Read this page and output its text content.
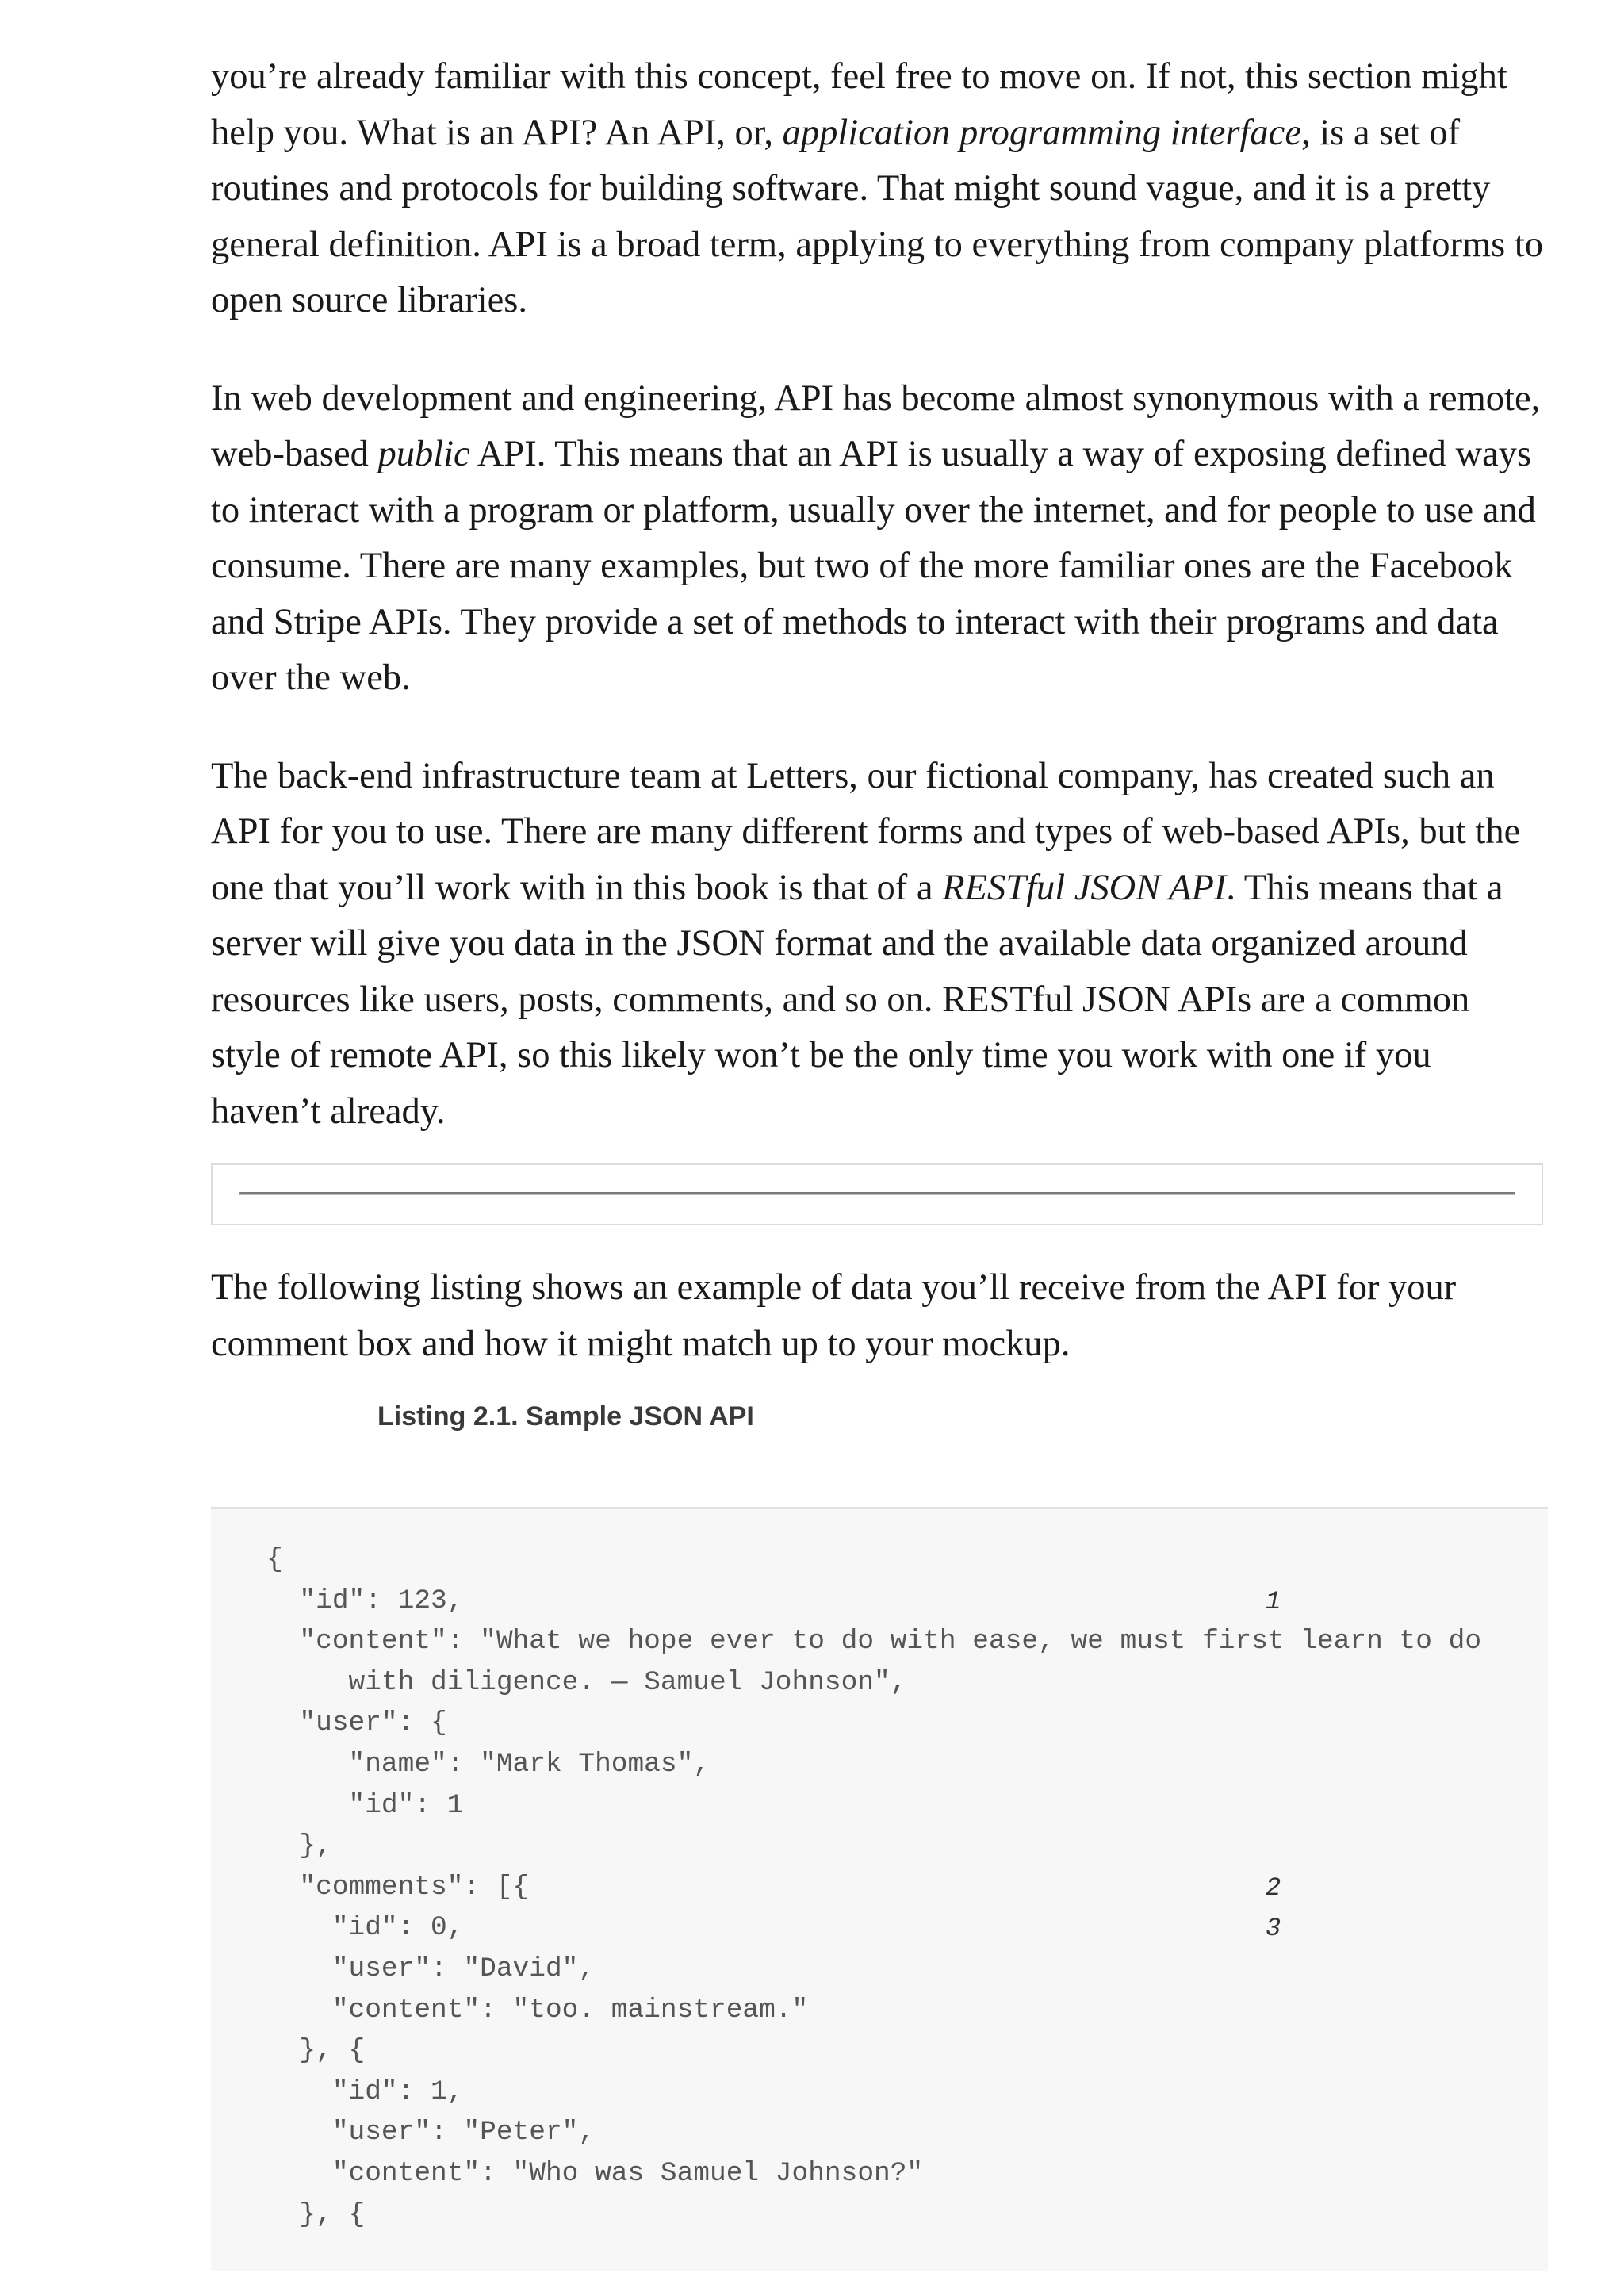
you’re already familiar with this concept, feel free to move on. If not, this section might help you. What is an API? An API, or, application programming interface, is a set of routines and protocols for building software. That might sound vague, and it is a pretty general definition. API is a broad term, applying to everything from company platforms to open source libraries.

In web development and engineering, API has become almost synonymous with a remote, web-based public API. This means that an API is usually a way of exposing defined ways to interact with a program or platform, usually over the internet, and for people to use and consume. There are many examples, but two of the more familiar ones are the Facebook and Stripe APIs. They provide a set of methods to interact with their programs and data over the web.

The back-end infrastructure team at Letters, our fictional company, has created such an API for you to use. There are many different forms and types of web-based APIs, but the one that you’ll work with in this book is that of a RESTful JSON API. This means that a server will give you data in the JSON format and the available data organized around resources like users, posts, comments, and so on. RESTful JSON APIs are a common style of remote API, so this likely won’t be the only time you work with one if you haven’t already.

The following listing shows an example of data you’ll receive from the API for your comment box and how it might match up to your mockup.

Listing 2.1. Sample JSON API
{
"id": 123,
"content": "What we hope ever to do with ease, we must first learn to do
with diligence. — Samuel Johnson",
"user": {
"name": "Mark Thomas",
"id": 1
},
"comments": [{
"id": 0,
"user": "David",
"content": "too. mainstream."
}, {
"id": 1,
"user": "Peter",
"content": "Who was Samuel Johnson?"
}, {
1
2
3
